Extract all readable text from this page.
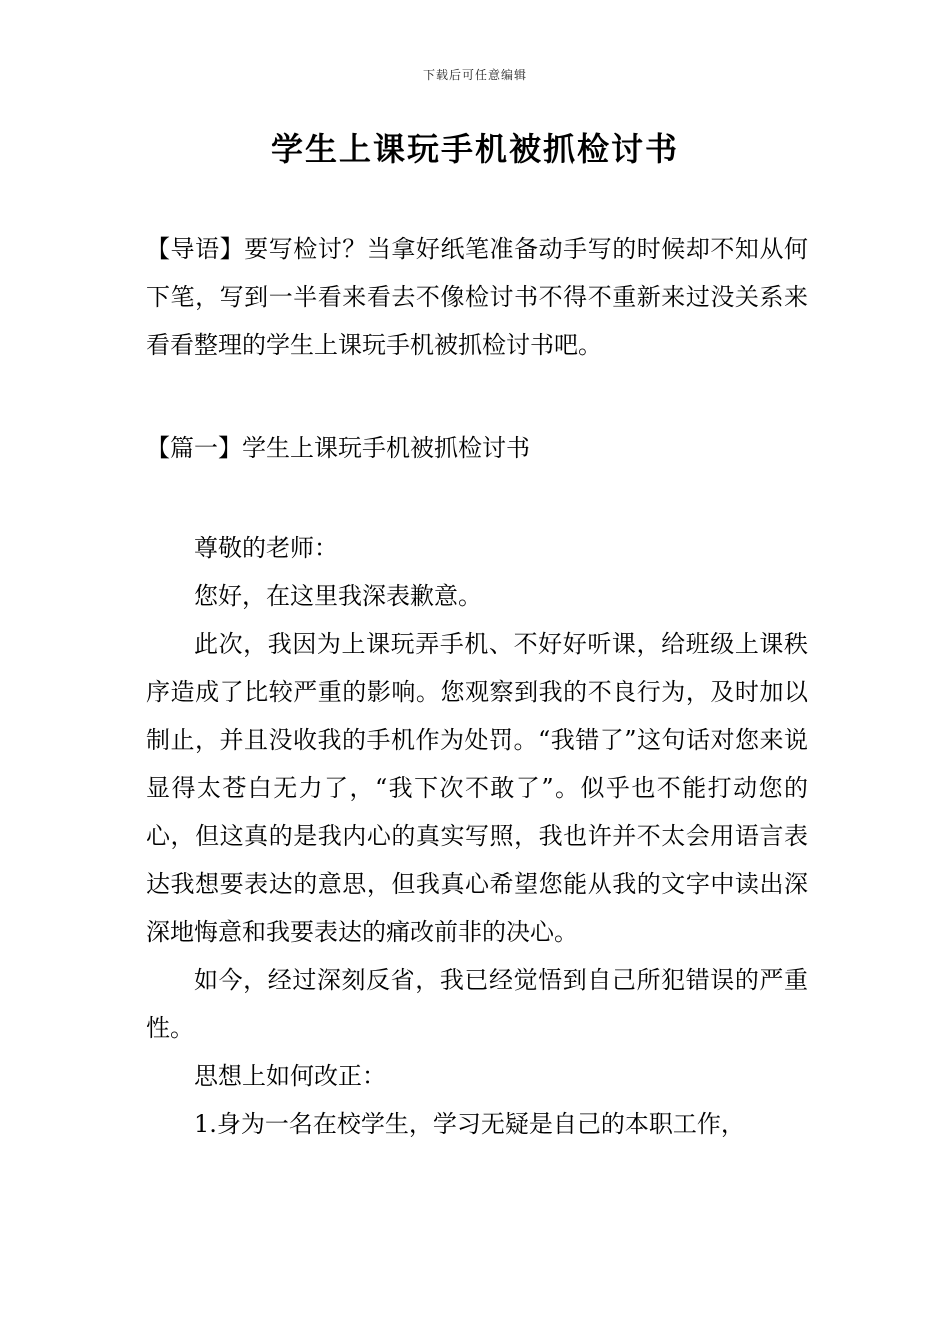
下载后可任意编辑
学生上课玩手机被抓检讨书

【导语】要写检讨？当拿好纸笔准备动手写的时候却不知从何下笔，写到一半看来看去不像检讨书不得不重新来过没关系来看看整理的学生上课玩手机被抓检讨书吧。

【篇一】学生上课玩手机被抓检讨书

尊敬的老师：

您好，在这里我深表歉意。

此次，我因为上课玩弄手机、不好好听课，给班级上课秩序造成了比较严重的影响。您观察到我的不良行为，及时加以制止，并且没收我的手机作为处罚。“我错了”这句话对您来说显得太苍白无力了，“我下次不敢了”。似乎也不能打动您的心，但这真的是我内心的真实写照，我也许并不太会用语言表达我想要表达的意思，但我真心希望您能从我的文字中读出深深地悔意和我要表达的痛改前非的决心。

如今，经过深刻反省，我已经觉悟到自己所犯错误的严重性。

思想上如何改正：

1.身为一名在校学生，学习无疑是自己的本职工作，
